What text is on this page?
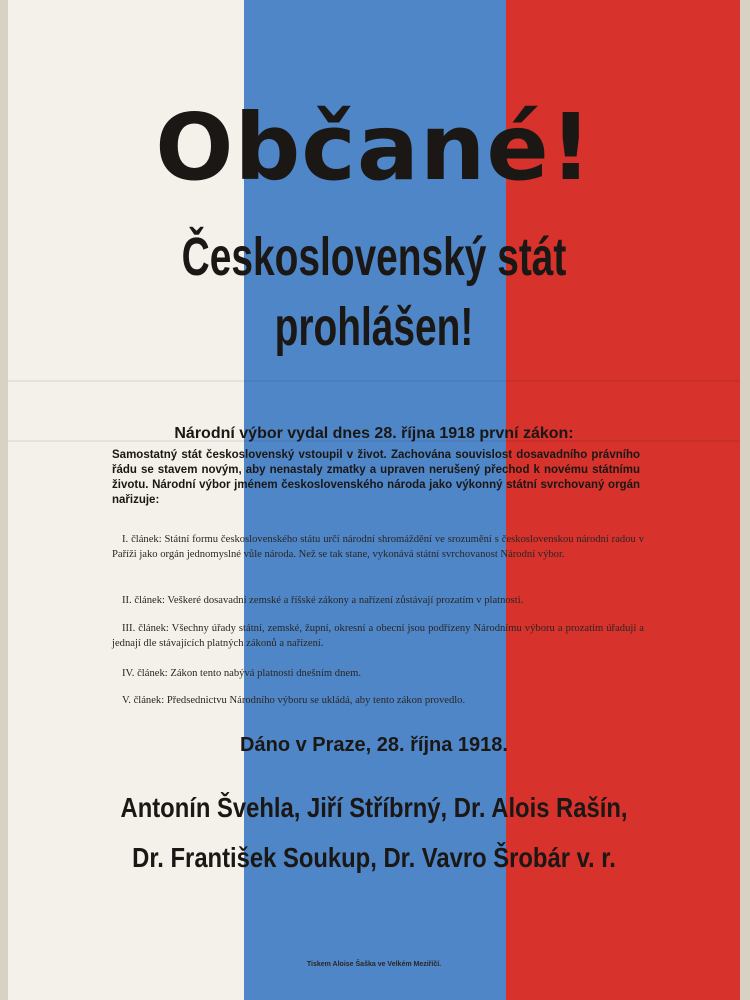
Občané!
Československý stát
prohlášen!
Národní výbor vydal dnes 28. října 1918 první zákon:
Samostatný stát československý vstoupil v život. Zachována souvislost dosavadního právního řádu se stavem novým, aby nenastaly zmatky a upraven nerušený přechod k novému státnímu životu. Národní výbor jménem československého národa jako výkonný státní svrchovaný orgán nařizuje:
I. článek: Státní formu československého státu určí národní shromáždění ve srozumění s československou národní radou v Paříži jako orgán jednomyslné vůle národa. Než se tak stane, vykonává státní svrchovanost Národní výbor.
II. článek: Veškeré dosavadní zemské a říšské zákony a nařízení zůstávají prozatím v platnosti.
III. článek: Všechny úřady státní, zemské, župní, okresní a obecní jsou podřízeny Národnímu výboru a prozatím úřadují a jednají dle stávajících platných zákonů a nařízení.
IV. článek: Zákon tento nabývá platnosti dnešním dnem.
V. článek: Předsednictvu Národního výboru se ukládá, aby tento zákon provedlo.
Dáno v Praze, 28. října 1918.
Antonín Švehla, Jiří Stříbrný, Dr. Alois Rašín,
Dr. František Soukup, Dr. Vavro Šrobár v. r.
Tiskem Aloise Šaška ve Velkém Meziříčí.
